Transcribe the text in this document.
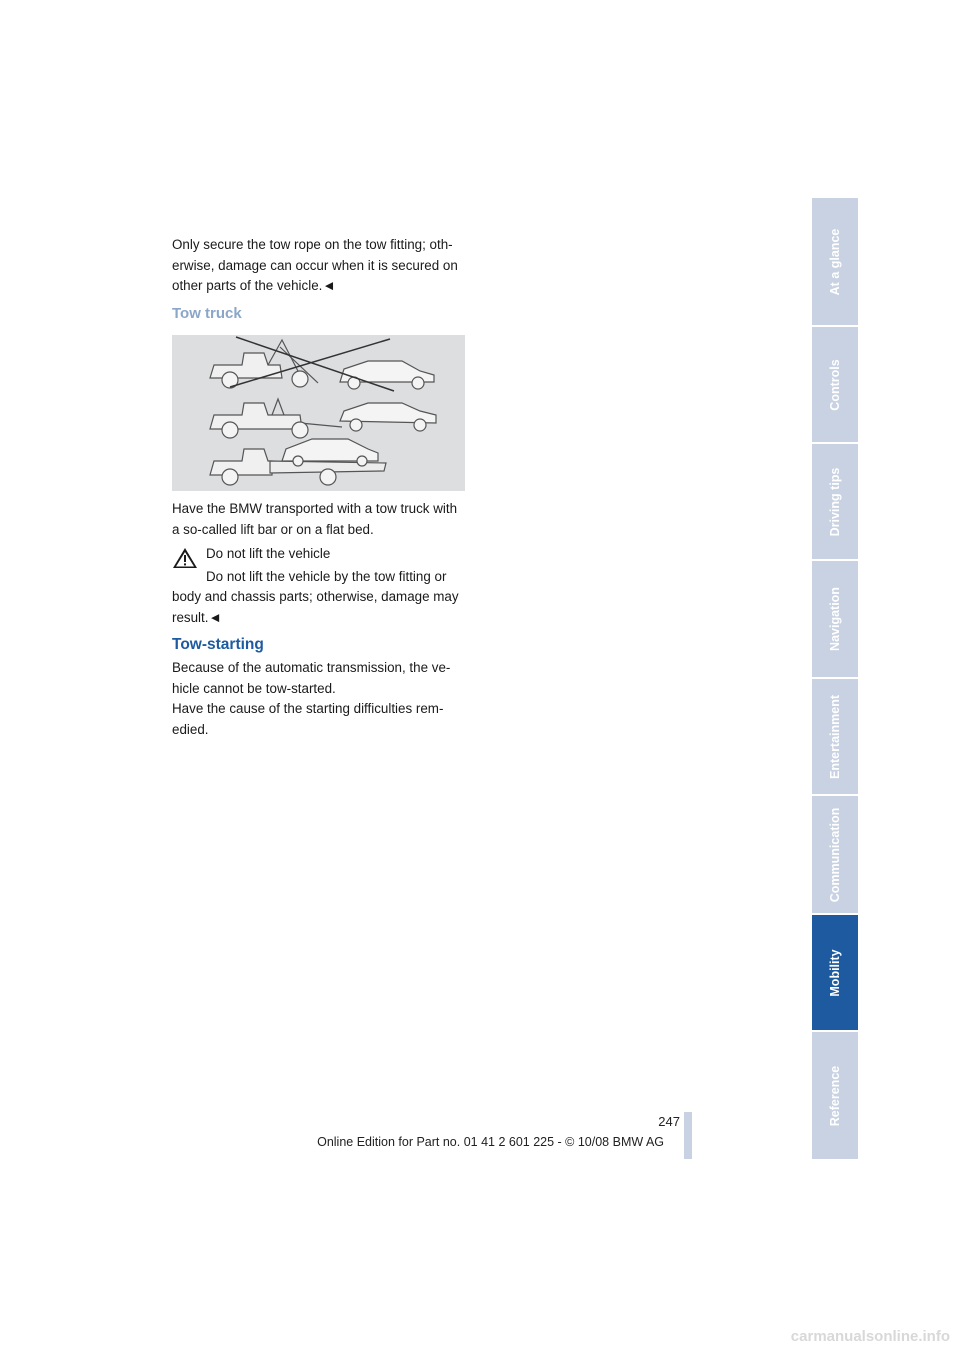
Only secure the tow rope on the tow fitting; oth-erwise, damage can occur when it is secured on other parts of the vehicle.◄

Tow truck

Have the BMW transported with a tow truck with a so-called lift bar or on a flat bed.

Do not lift the vehicle

Do not lift the vehicle by the tow fitting or

body and chassis parts; otherwise, damage may result.◄

Tow-starting

Because of the automatic transmission, the ve-hicle cannot be tow-started.

Have the cause of the starting difficulties rem-edied.

At a glance
Controls
Driving tips
Navigation
Entertainment
Communication
Mobility
Reference
247
Online Edition for Part no. 01 41 2 601 225 - © 10/08 BMW AG
carmanualsonline.info
